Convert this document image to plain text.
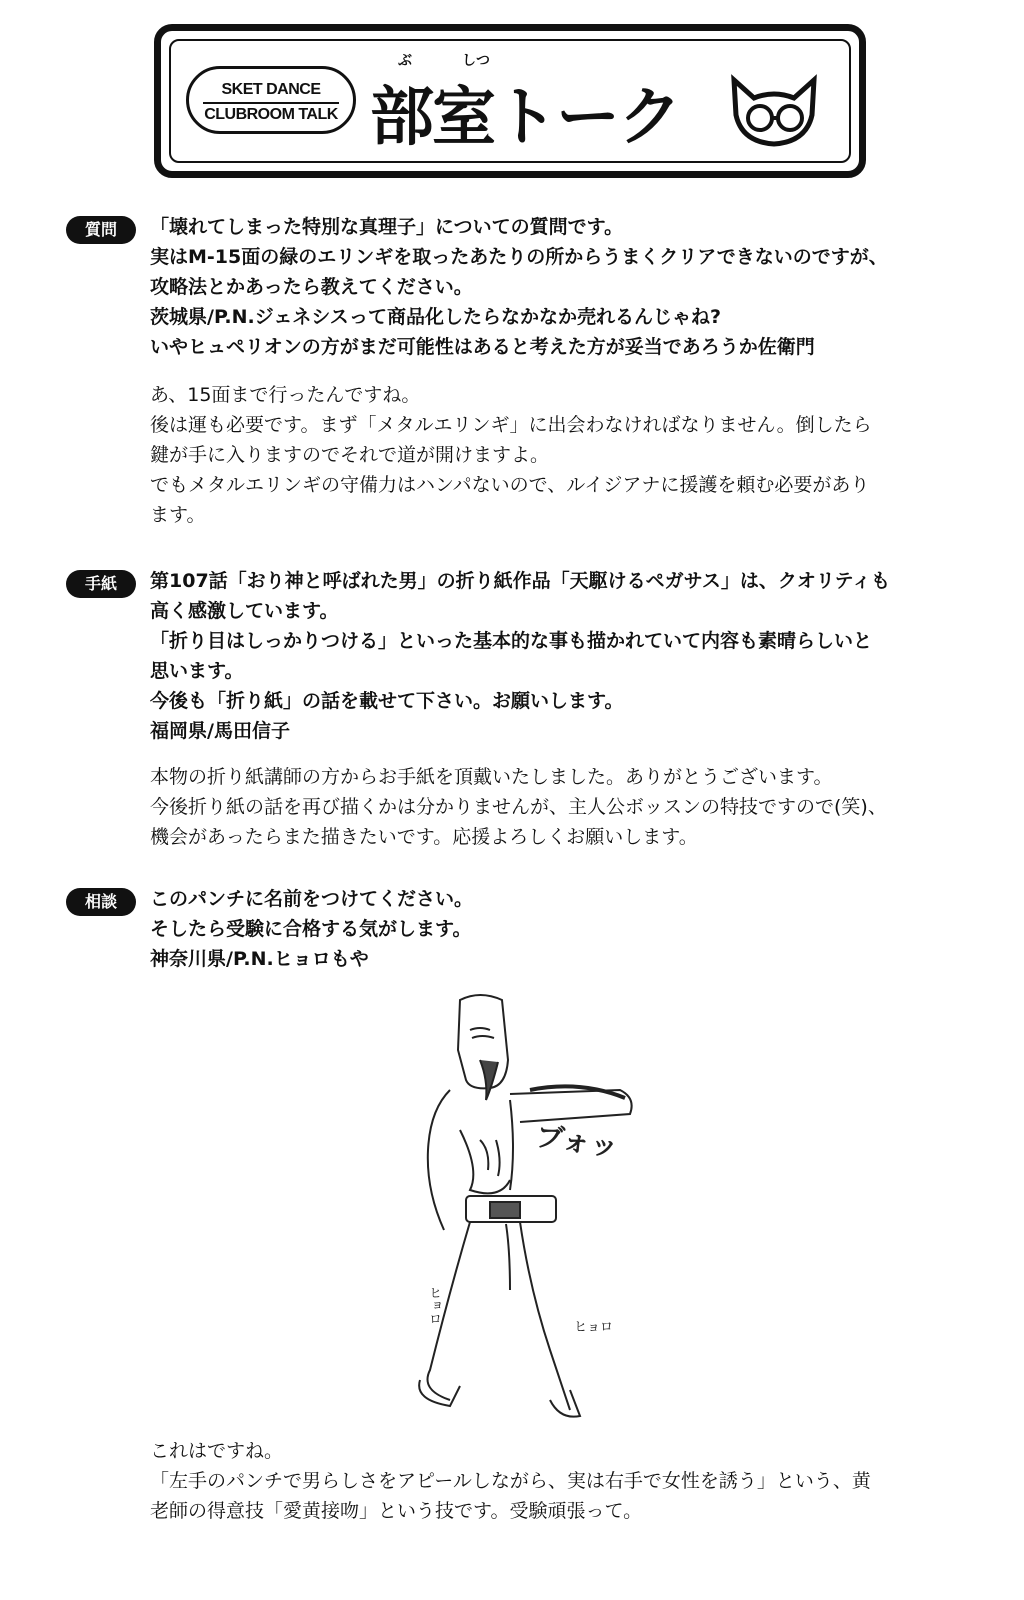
SKET DANCE
CLUBROOM TALK
ぶ	しつ
部室トーク
質問	「壊れてしまった特別な真理子」についての質問です。
実はM-15面の緑のエリンギを取ったあたりの所からうまくクリアできないのですが、
攻略法とかあったら教えてください。
茨城県/P.N.ジェネシスって商品化したらなかなか売れるんじゃね?
いやヒュペリオンの方がまだ可能性はあると考えた方が妥当であろうか佐衛門
あ、15面まで行ったんですね。
後は運も必要です。まず「メタルエリンギ」に出会わなければなりません。倒したら
鍵が手に入りますのでそれで道が開けますよ。
でもメタルエリンギの守備力はハンパないので、ルイジアナに援護を頼む必要があり
ます。
手紙	第107話「おり神と呼ばれた男」の折り紙作品「天駆けるペガサス」は、クオリティも
高く感激しています。
「折り目はしっかりつける」といった基本的な事も描かれていて内容も素晴らしいと
思います。
今後も「折り紙」の話を載せて下さい。お願いします。
福岡県/馬田信子
本物の折り紙講師の方からお手紙を頂戴いたしました。ありがとうございます。
今後折り紙の話を再び描くかは分かりませんが、主人公ボッスンの特技ですので(笑)、
機会があったらまた描きたいです。応援よろしくお願いします。
相談	このパンチに名前をつけてください。
そしたら受験に合格する気がします。
神奈川県/P.N.ヒョロもや
ブォッ
ヒョロ
ヒョロ
これはですね。
「左手のパンチで男らしさをアピールしながら、実は右手で女性を誘う」という、黄
老師の得意技「愛黄接吻」という技です。受験頑張って。
